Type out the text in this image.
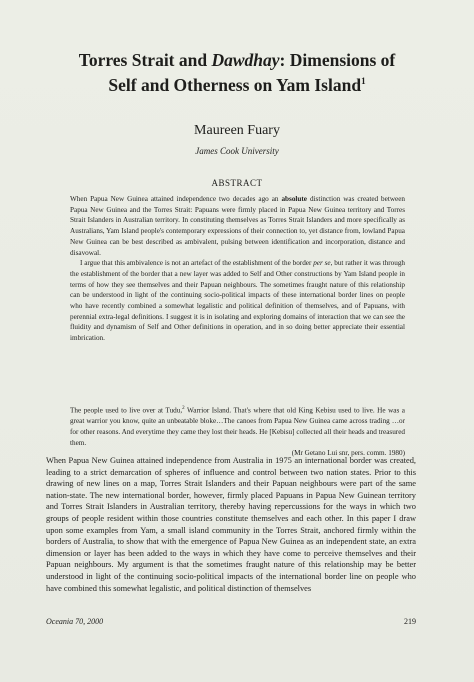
Torres Strait and Dawdhay: Dimensions of
Self and Otherness on Yam Island$^1$
Maureen Fuary
James Cook University
ABSTRACT

When Papua New Guinea attained independence two decades ago an absolute distinction was created between Papua New Guinea and the Torres Strait: Papuans were firmly placed in Papua New Guinea territory and Torres Strait Islanders in Australian territory. In constituting themselves as Torres Strait Islanders and more specifically as Australians, Yam Island people's contemporary expressions of their connection to, yet distance from, lowland Papua New Guinea can be best described as ambivalent, pulsing between identification and incorporation, distance and disavowal.

I argue that this ambivalence is not an artefact of the establishment of the border per se, but rather it was through the establishment of the border that a new layer was added to Self and Other constructions by Yam Island people in terms of how they see themselves and their Papuan neighbours. The sometimes fraught nature of this relationship can be understood in light of the continuing socio-political impacts of these international border lines on people who have recently combined a somewhat legalistic and political definition of themselves, and of Papuans, with perennial extra-legal definitions. I suggest it is in isolating and exploring domains of interaction that we can see the fluidity and dynamism of Self and Other definitions in operation, and in so doing better appreciate their essential imbrication.

The people used to live over at Tudu,$^2$ Warrior Island. That's where that old King Kebisu used to live. He was a great warrior you know, quite an unbeatable bloke…The canoes from Papua New Guinea came across trading …or for other reasons. And everytime they came they lost their heads. He [Kebisu] collected all their heads and treasured them.

(Mr Getano Lui snr, pers. comm. 1980)

When Papua New Guinea attained independence from Australia in 1975 an international border was created, leading to a strict demarcation of spheres of influence and control between two nation states. Prior to this drawing of new lines on a map, Torres Strait Islanders and their Papuan neighbours were part of the same nation-state. The new international border, however, firmly placed Papuans in Papua New Guinean territory and Torres Strait Islanders in Australian territory, thereby having repercussions for the ways in which two groups of people resident within those countries constitute themselves and each other. In this paper I draw upon some examples from Yam, a small island community in the Torres Strait, anchored firmly within the borders of Australia, to show that with the emergence of Papua New Guinea as an independent state, an extra dimension or layer has been added to the ways in which they have come to perceive themselves and their Papuan neighbours. My argument is that the sometimes fraught nature of this relationship may be better understood in light of the continuing socio-political impacts of the international border line on people who have combined this somewhat legalistic, and political distinction of themselves

Oceania 70, 2000	219
